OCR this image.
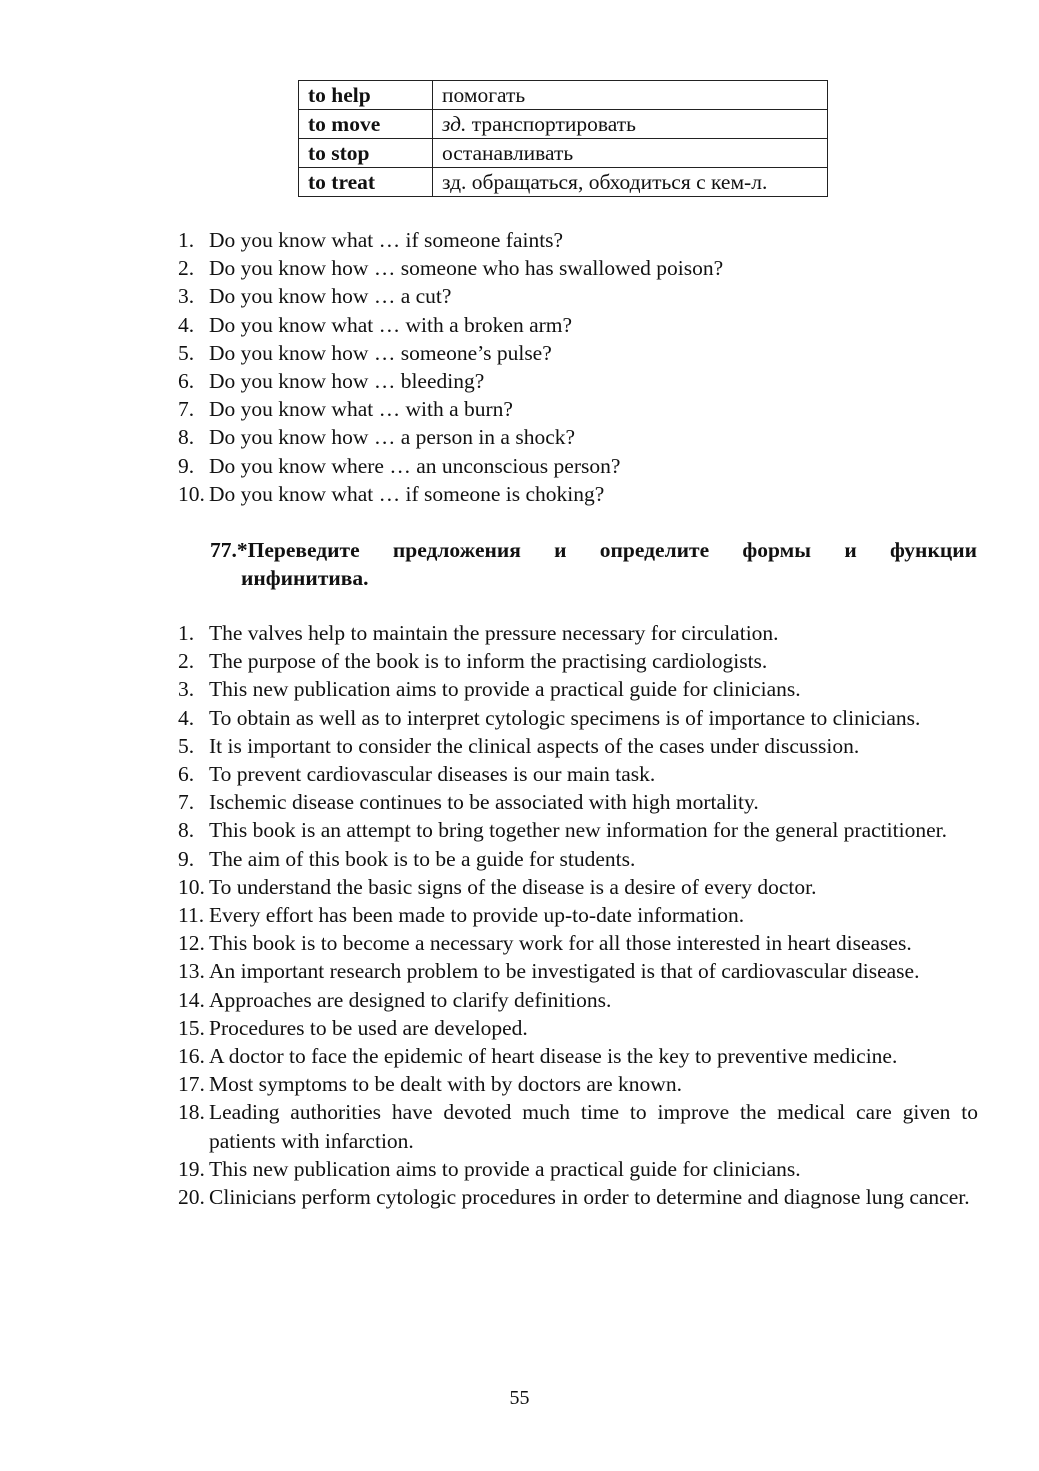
to help	помогать
to move	зд. транспортировать
to stop	останавливать
to treat	зд. обращаться, обходиться с кем-л.
1. Do you know what … if someone faints?
2. Do you know how … someone who has swallowed poison?
3. Do you know how … a cut?
4. Do you know what … with a broken arm?
5. Do you know how … someone’s pulse?
6. Do you know how … bleeding?
7. Do you know what … with a burn?
8. Do you know how … a person in a shock?
9. Do you know where … an unconscious person?
10. Do you know what … if someone is choking?
77.*Переведите предложения и определите формы и функции
инфинитива.
1. The valves help to maintain the pressure necessary for circulation.
2. The purpose of the book is to inform the practising cardiologists.
3. This new publication aims to provide a practical guide for clinicians.
4. To obtain as well as to interpret cytologic specimens is of importance to clinicians.
5. It is important to consider the clinical aspects of the cases under discussion.
6. To prevent cardiovascular diseases is our main task.
7. Ischemic disease continues to be associated with high mortality.
8. This book is an attempt to bring together new information for the general practitioner.
9. The aim of this book is to be a guide for students.
10. To understand the basic signs of the disease is a desire of every doctor.
11. Every effort has been made to provide up-to-date information.
12. This book is to become a necessary work for all those interested in heart diseases.
13. An important research problem to be investigated is that of cardiovascular disease.
14. Approaches are designed to clarify definitions.
15. Procedures to be used are developed.
16. A doctor to face the epidemic of heart disease is the key to preventive medicine.
17. Most symptoms to be dealt with by doctors are known.
18. Leading authorities have devoted much time to improve the medical care given to patients with infarction.
19. This new publication aims to provide a practical guide for clinicians.
20. Clinicians perform cytologic procedures in order to determine and diagnose lung cancer.
55
